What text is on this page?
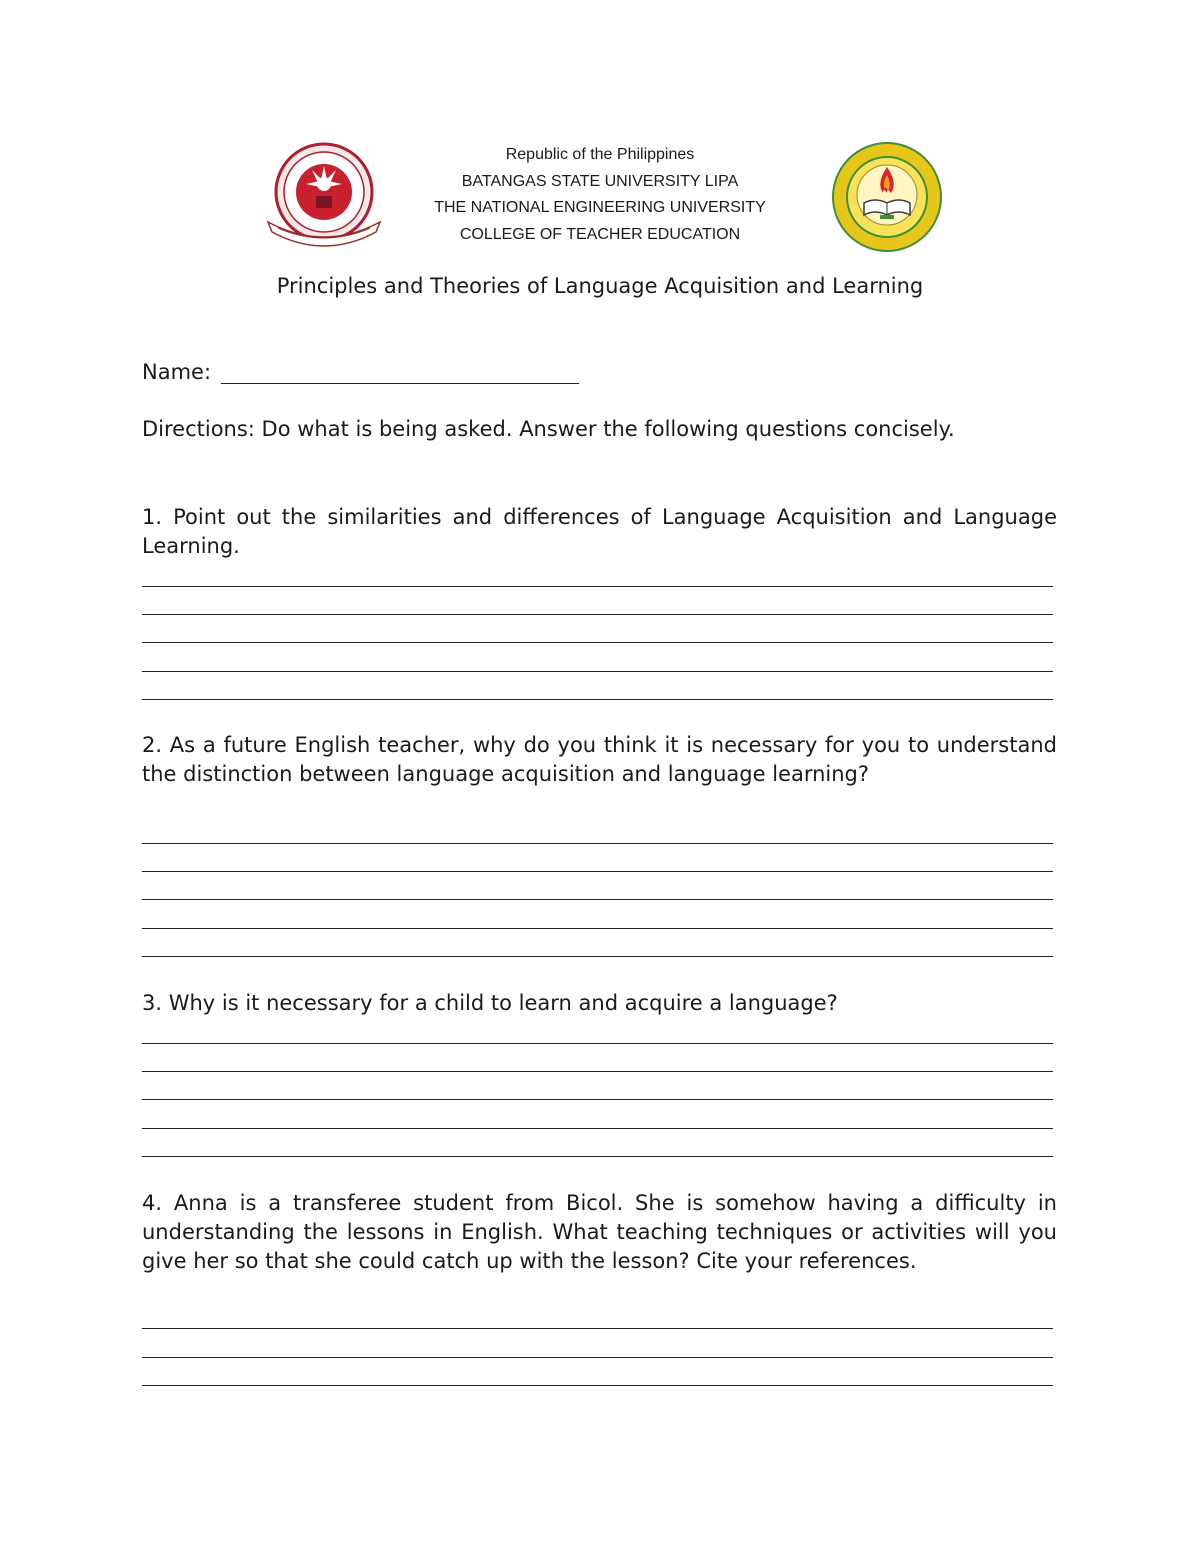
Republic of the Philippines
BATANGAS STATE UNIVERSITY LIPA
THE NATIONAL ENGINEERING UNIVERSITY
COLLEGE OF TEACHER EDUCATION
Principles and Theories of Language Acquisition and Learning
Name:
Directions: Do what is being asked. Answer the following questions concisely.
1. Point out the similarities and differences of Language Acquisition and Language Learning.
2. As a future English teacher, why do you think it is necessary for you to understand the distinction between language acquisition and language learning?
3. Why is it necessary for a child to learn and acquire a language?
4. Anna is a transferee student from Bicol. She is somehow having a difficulty in understanding the lessons in English. What teaching techniques or activities will you give her so that she could catch up with the lesson? Cite your references.
